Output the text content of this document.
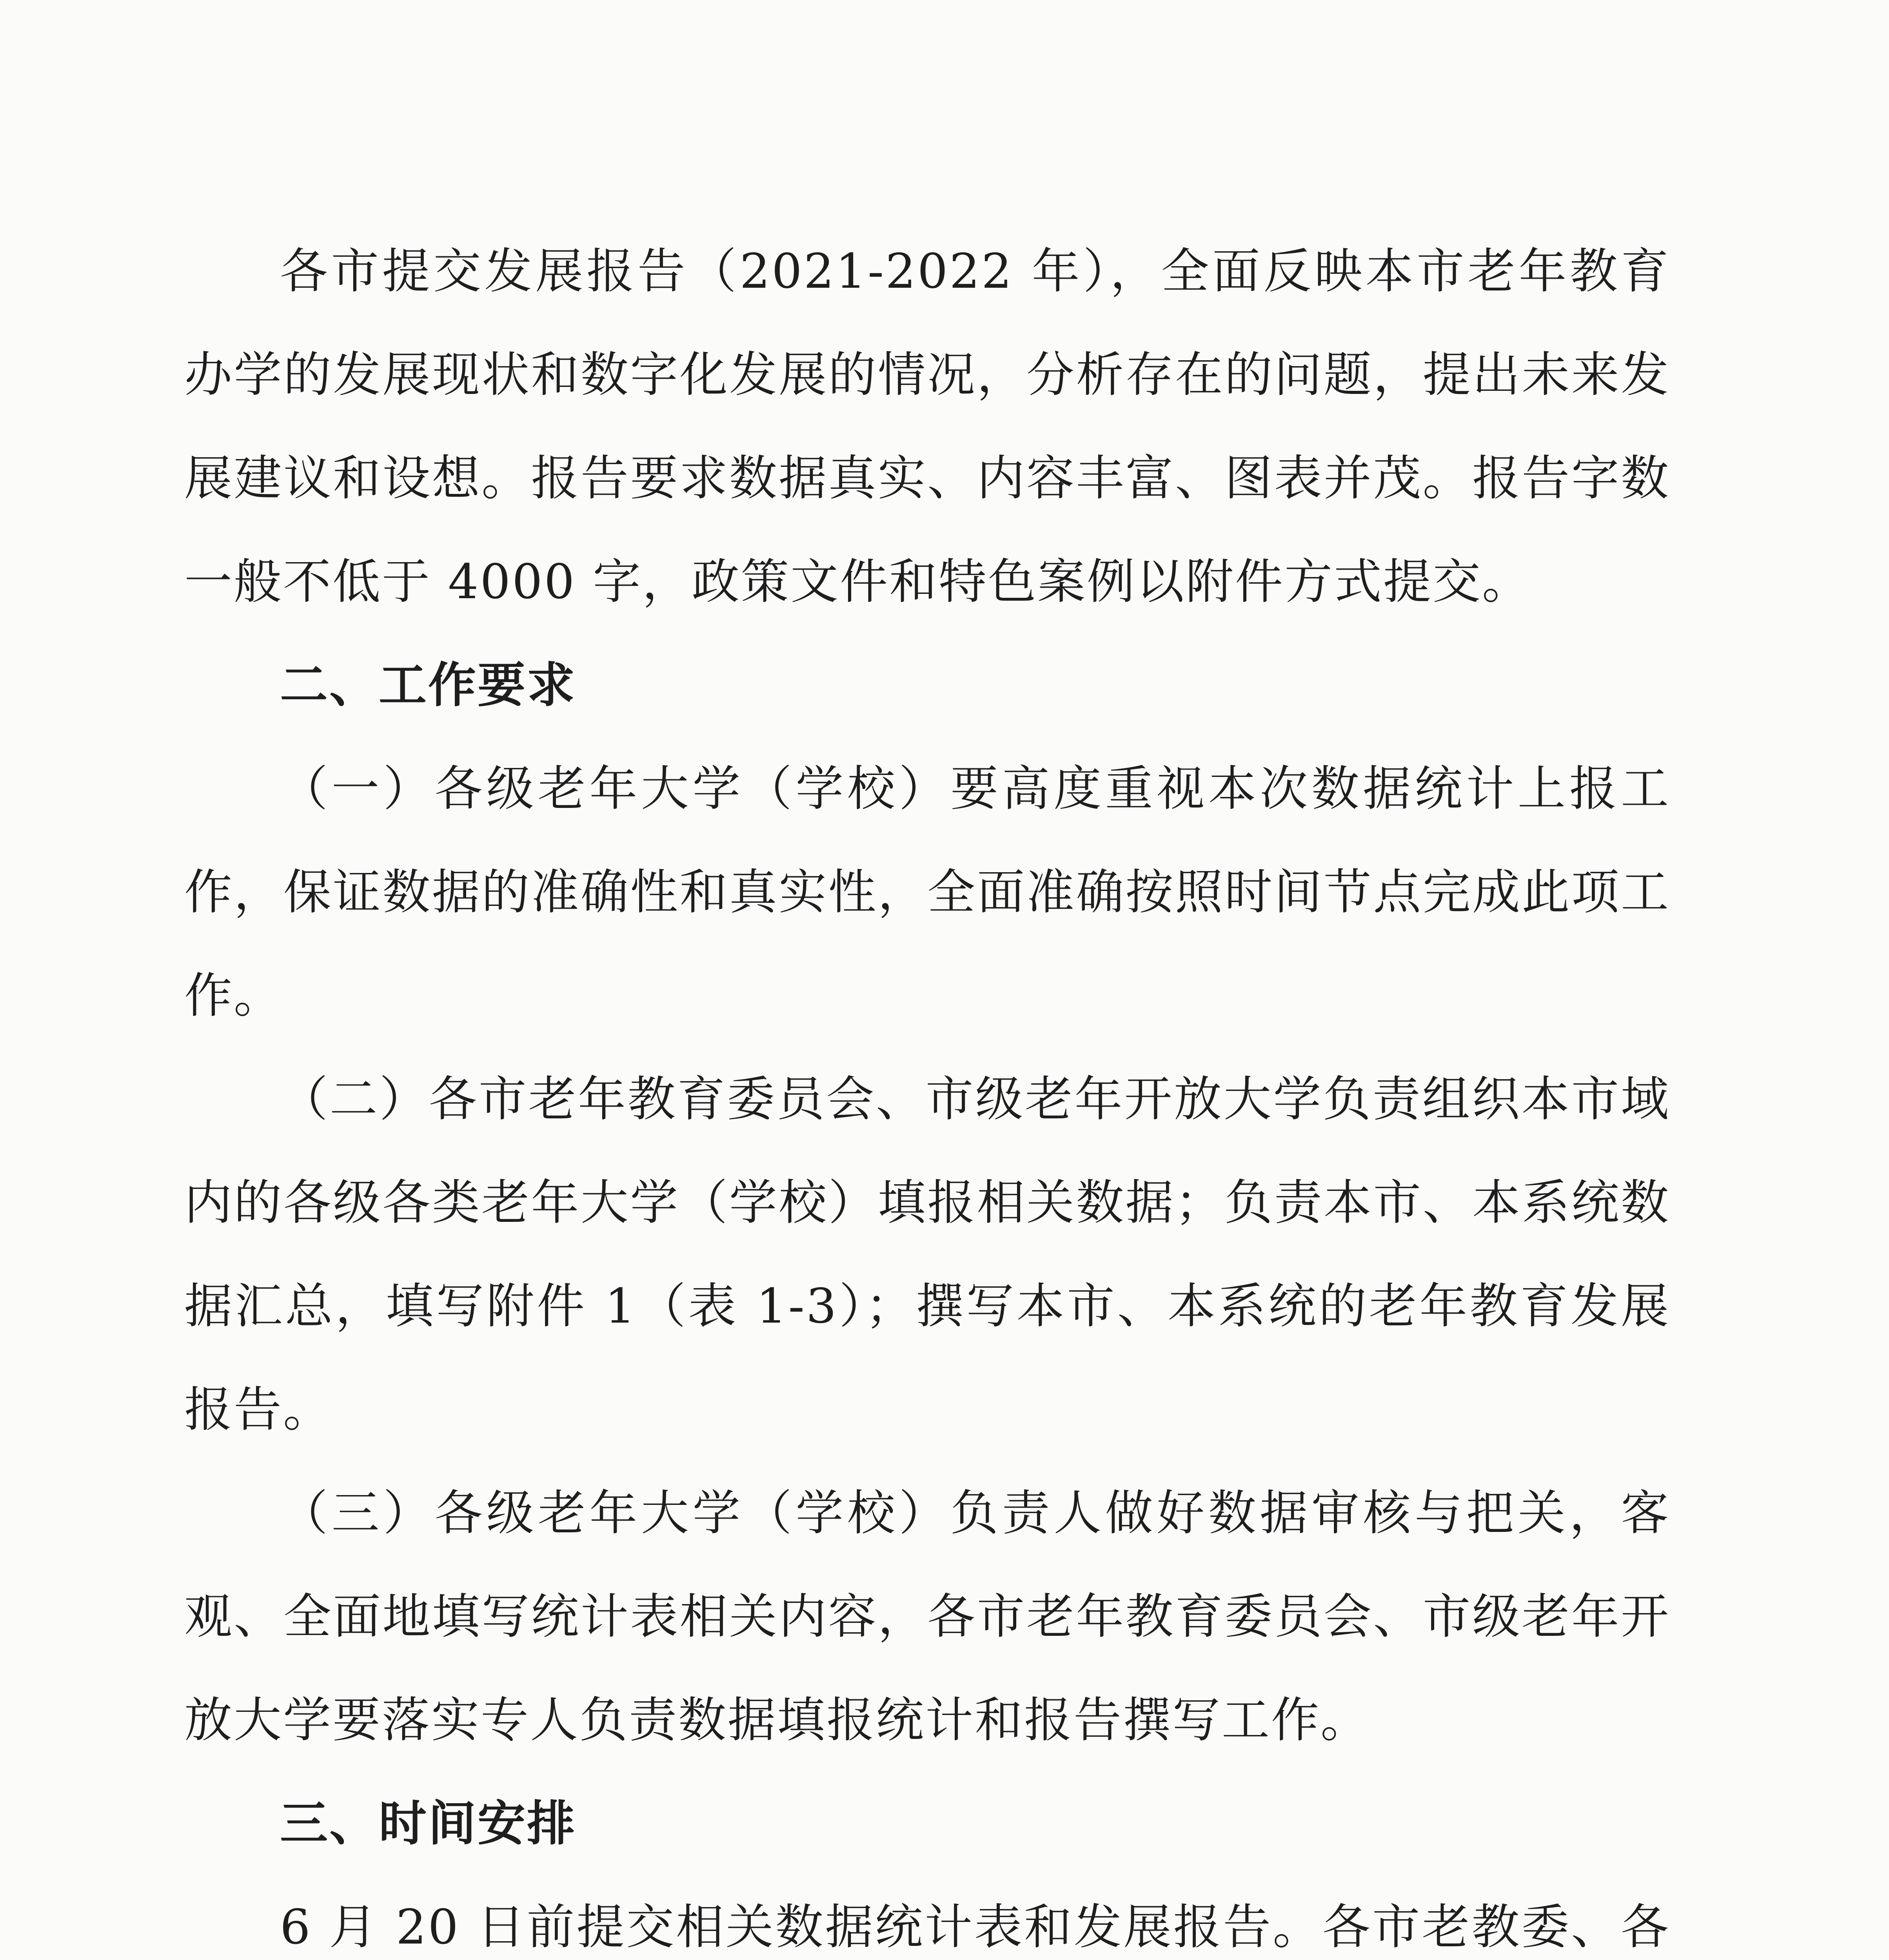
各市提交发展报告（2021-2022 年），全面反映本市老年教育办学的发展现状和数字化发展的情况，分析存在的问题，提出未来发展建议和设想。报告要求数据真实、内容丰富、图表并茂。报告字数一般不低于 4000 字，政策文件和特色案例以附件方式提交。

二、工作要求

（一）各级老年大学（学校）要高度重视本次数据统计上报工作，保证数据的准确性和真实性，全面准确按照时间节点完成此项工作。

（二）各市老年教育委员会、市级老年开放大学负责组织本市域内的各级各类老年大学（学校）填报相关数据；负责本市、本系统数据汇总，填写附件 1（表 1-3）；撰写本市、本系统的老年教育发展报告。

（三）各级老年大学（学校）负责人做好数据审核与把关，客观、全面地填写统计表相关内容，各市老年教育委员会、市级老年开放大学要落实专人负责数据填报统计和报告撰写工作。

三、时间安排

6 月 20 日前提交相关数据统计表和发展报告。各市老教委、各
